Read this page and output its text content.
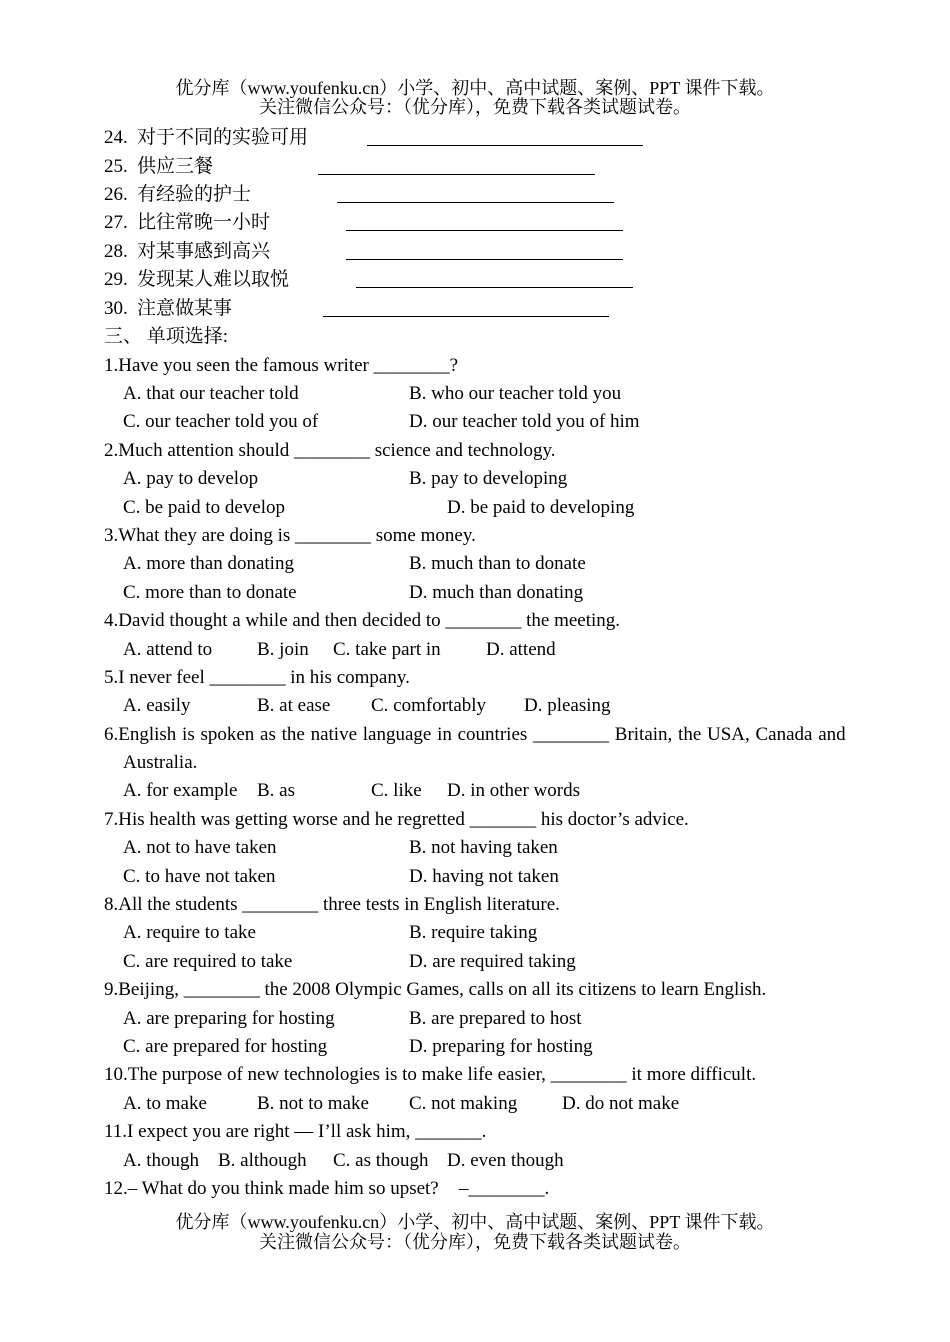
优分库（www.youfenku.cn）小学、初中、高中试题、案例、PPT 课件下载。
关注微信公众号：（优分库），免费下载各类试题试卷。
24. 对于不同的实验可用
25. 供应三餐
26. 有经验的护士
27. 比往常晚一小时
28. 对某事感到高兴
29. 发现某人难以取悦
30. 注意做某事
三、 单项选择:
1.Have you seen the famous writer ________?
A. that our teacher told	B. who our teacher told you
C. our teacher told you of	D. our teacher told you of him
2.Much attention should ________ science and technology.
A. pay to develop	B. pay to developing
C. be paid to develop	D. be paid to developing
3.What they are doing is ________ some money.
A. more than donating	B. much than to donate
C. more than to donate	D. much than donating
4.David thought a while and then decided to ________ the meeting.
A. attend to B. join C. take part in D. attend
5.I never feel ________ in his company.
A. easily	B. at ease C. comfortably D. pleasing
6.English is spoken as the native language in countries ________ Britain, the USA, Canada and
Australia.
A. for example B. as	C. like D. in other words
7.His health was getting worse and he regretted _______ his doctor’s advice.
A. not to have taken	B. not having taken
C. to have not taken	D. having not taken
8.All the students ________ three tests in English literature.
A. require to take	B. require taking
C. are required to take	D. are required taking
9.Beijing, ________ the 2008 Olympic Games, calls on all its citizens to learn English.
A. are preparing for hosting	B. are prepared to host
C. are prepared for hosting	D. preparing for hosting
10.The purpose of new technologies is to make life easier, ________ it more difficult.
A. to make	B. not to make C. not making D. do not make
11.I expect you are right — I’ll ask him, _______.
A. though B. although C. as though D. even though
12.– What do you think made him so upset? –________.
优分库（www.youfenku.cn）小学、初中、高中试题、案例、PPT 课件下载。
关注微信公众号：（优分库），免费下载各类试题试卷。
